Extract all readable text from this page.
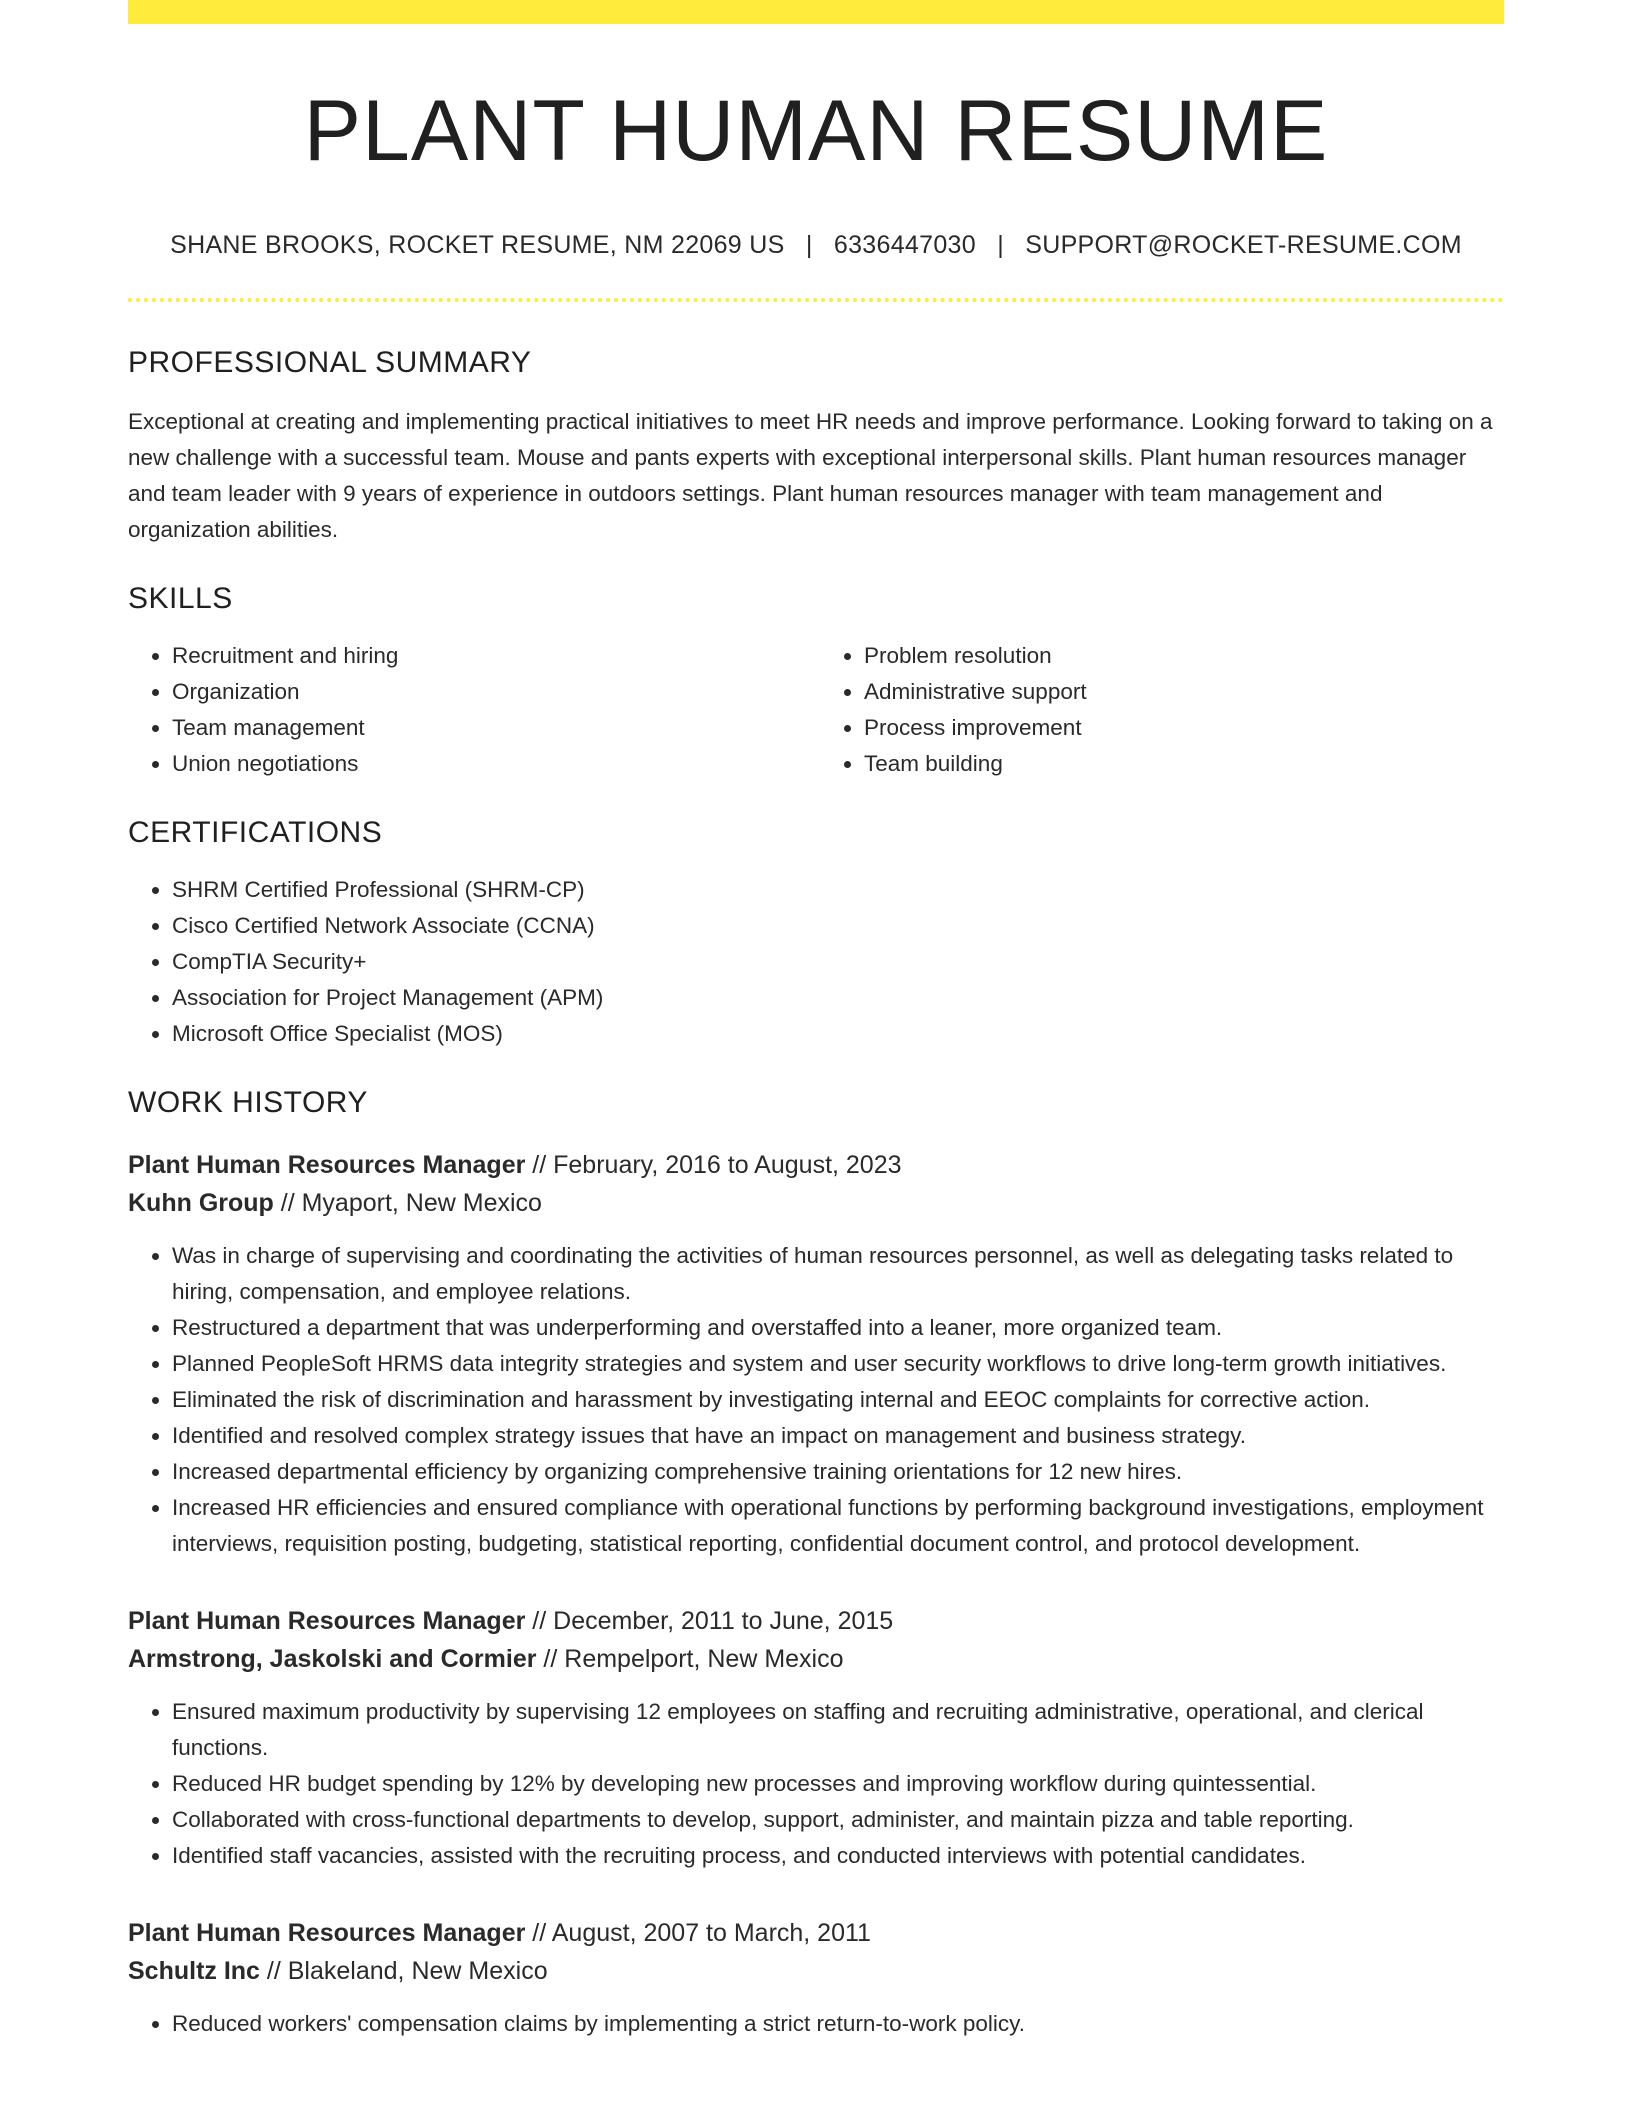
PLANT HUMAN RESUME
SHANE BROOKS, ROCKET RESUME, NM 22069 US | 6336447030 | SUPPORT@ROCKET-RESUME.COM
PROFESSIONAL SUMMARY

Exceptional at creating and implementing practical initiatives to meet HR needs and improve performance. Looking forward to taking on a new challenge with a successful team. Mouse and pants experts with exceptional interpersonal skills. Plant human resources manager and team leader with 9 years of experience in outdoors settings. Plant human resources manager with team management and organization abilities.

SKILLS
• Recruitment and hiring
• Organization
• Team management
• Union negotiations
• Problem resolution
• Administrative support
• Process improvement
• Team building
CERTIFICATIONS
• SHRM Certified Professional (SHRM-CP)
• Cisco Certified Network Associate (CCNA)
• CompTIA Security+
• Association for Project Management (APM)
• Microsoft Office Specialist (MOS)
WORK HISTORY
Plant Human Resources Manager // February, 2016 to August, 2023
Kuhn Group // Myaport, New Mexico
• Was in charge of supervising and coordinating the activities of human resources personnel, as well as delegating tasks related to hiring, compensation, and employee relations.
• Restructured a department that was underperforming and overstaffed into a leaner, more organized team.
• Planned PeopleSoft HRMS data integrity strategies and system and user security workflows to drive long-term growth initiatives.
• Eliminated the risk of discrimination and harassment by investigating internal and EEOC complaints for corrective action.
• Identified and resolved complex strategy issues that have an impact on management and business strategy.
• Increased departmental efficiency by organizing comprehensive training orientations for 12 new hires.
• Increased HR efficiencies and ensured compliance with operational functions by performing background investigations, employment interviews, requisition posting, budgeting, statistical reporting, confidential document control, and protocol development.
Plant Human Resources Manager // December, 2011 to June, 2015
Armstrong, Jaskolski and Cormier // Rempelport, New Mexico
• Ensured maximum productivity by supervising 12 employees on staffing and recruiting administrative, operational, and clerical functions.
• Reduced HR budget spending by 12% by developing new processes and improving workflow during quintessential.
• Collaborated with cross-functional departments to develop, support, administer, and maintain pizza and table reporting.
• Identified staff vacancies, assisted with the recruiting process, and conducted interviews with potential candidates.
Plant Human Resources Manager // August, 2007 to March, 2011
Schultz Inc // Blakeland, New Mexico
• Reduced workers' compensation claims by implementing a strict return-to-work policy.
